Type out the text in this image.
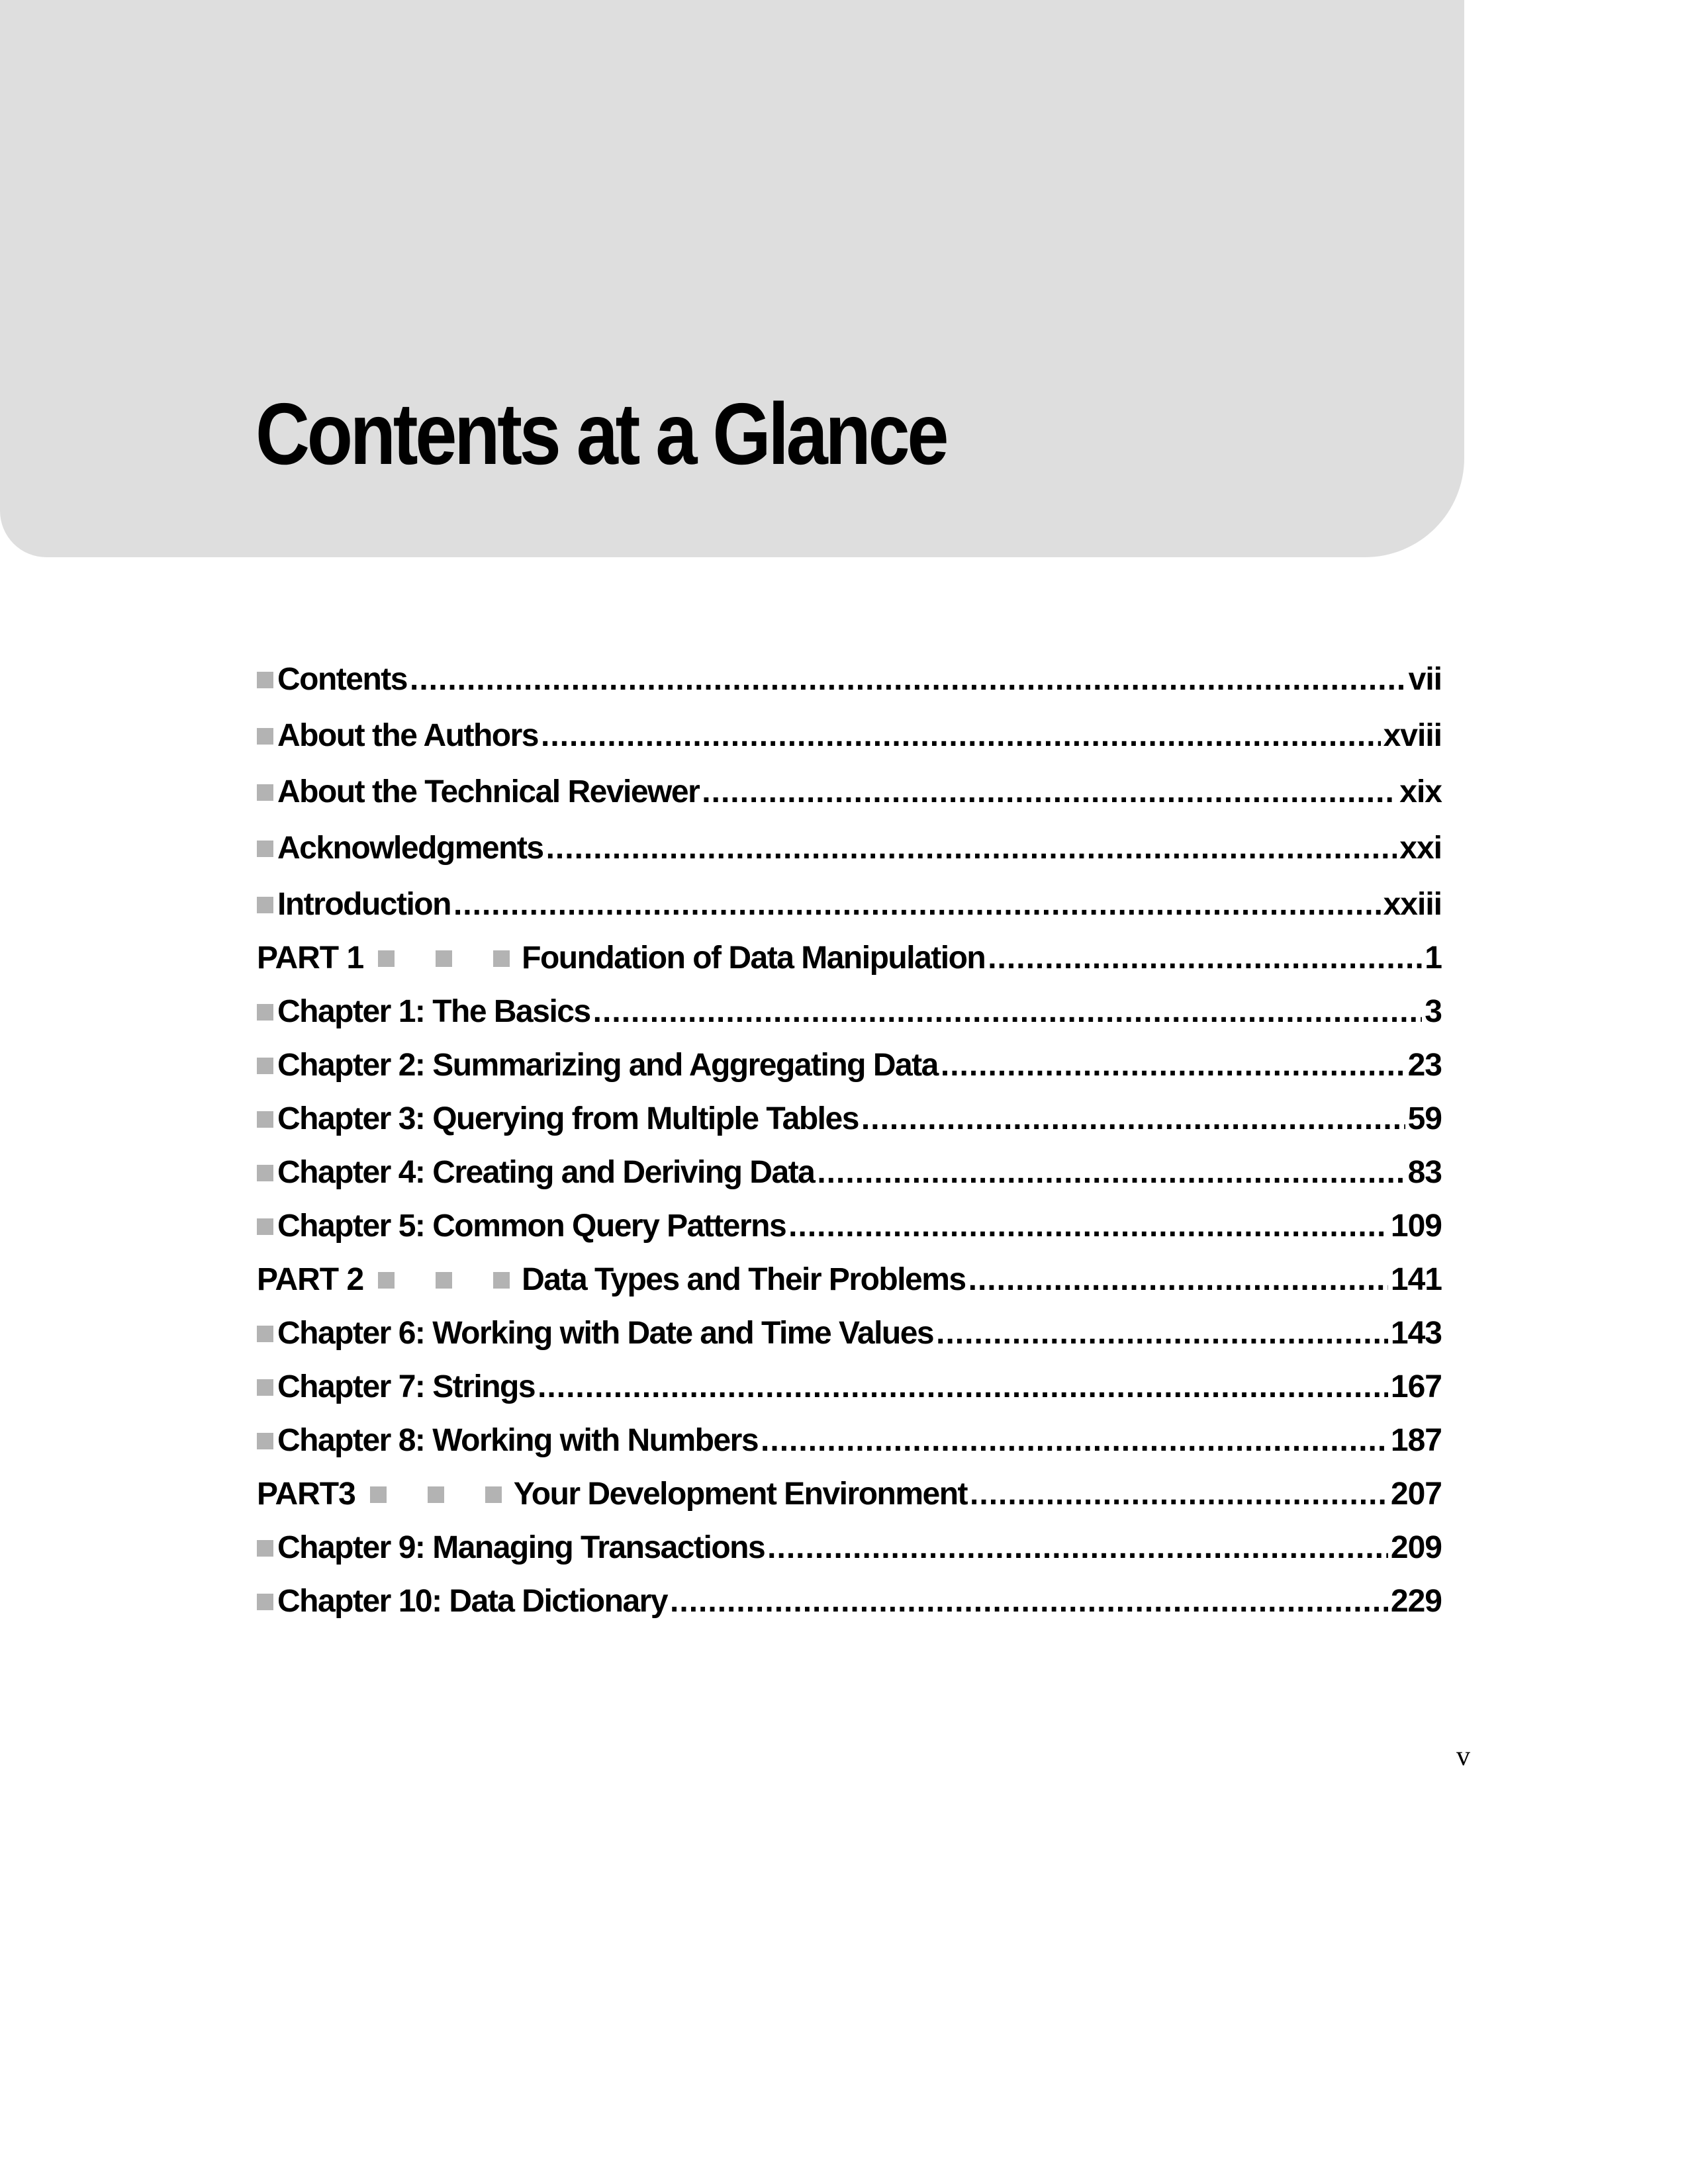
Contents at a Glance
Contents .....	vii
About the Authors .....	xviii
About the Technical Reviewer .....	xix
Acknowledgments .....	xxi
Introduction .....	xxiii
PART 1	Foundation of Data Manipulation .....	1
Chapter 1: The Basics .....	3
Chapter 2: Summarizing and Aggregating Data .....	23
Chapter 3: Querying from Multiple Tables .....	59
Chapter 4: Creating and Deriving Data .....	83
Chapter 5: Common Query Patterns .....	109
PART 2	Data Types and Their Problems .....	141
Chapter 6: Working with Date and Time Values .....	143
Chapter 7: Strings .....	167
Chapter 8: Working with Numbers .....	187
PART3	Your Development Environment .....	207
Chapter 9: Managing Transactions .....	209
Chapter 10: Data Dictionary .....	229
v
